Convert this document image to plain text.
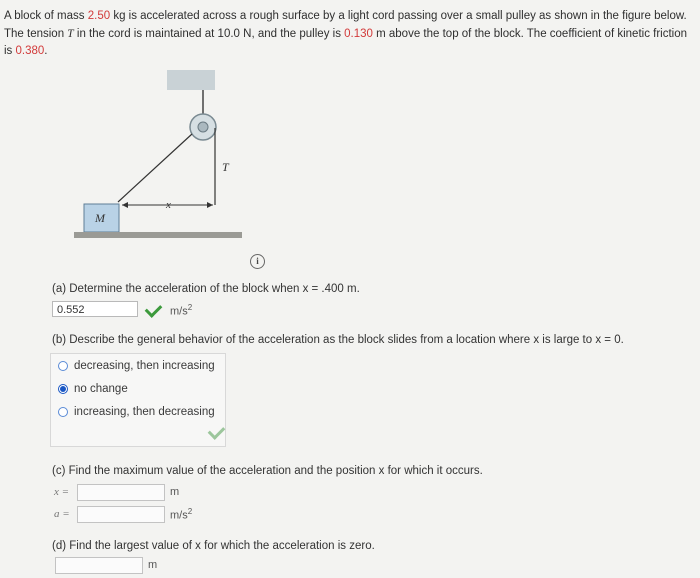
A block of mass 2.50 kg is accelerated across a rough surface by a light cord passing over a small pulley as shown in the figure below. The tension T in the cord is maintained at 10.0 N, and the pulley is 0.130 m above the top of the block. The coefficient of kinetic friction is 0.380.
x
T
M
i
(a) Determine the acceleration of the block when x = .400 m.
0.552	$m/s^2$
(b) Describe the general behavior of the acceleration as the block slides from a location where x is large to x = 0.
decreasing, then increasing
no change
increasing, then decreasing
(c) Find the maximum value of the acceleration and the position x for which it occurs.
x =	m
a =	$m/s^2$
(d) Find the largest value of x for which the acceleration is zero.
m
